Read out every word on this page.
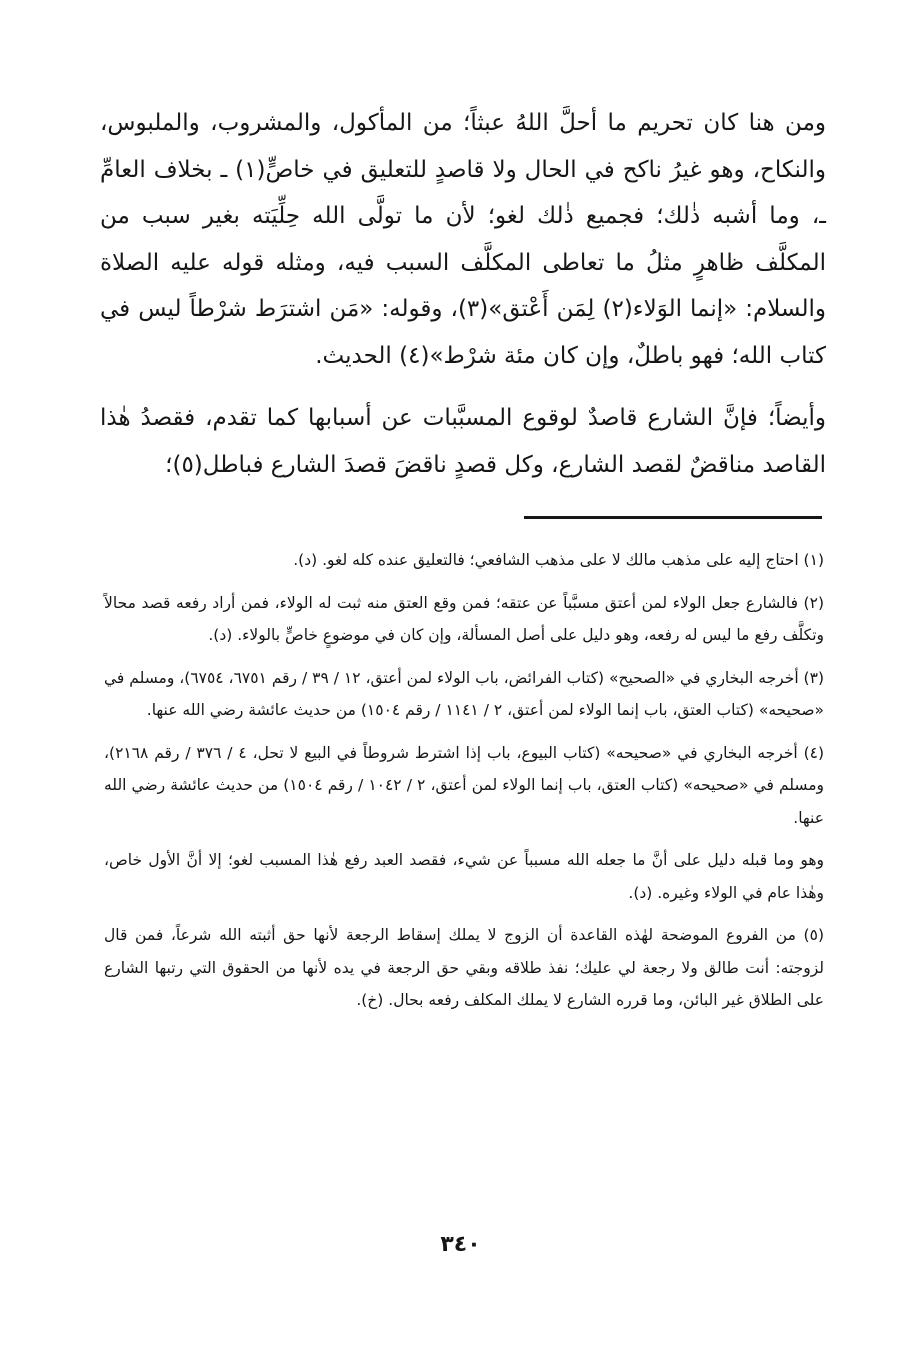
ومن هنا كان تحريم ما أحلَّ اللهُ عبثاً؛ من المأكول، والمشروب، والملبوس، والنكاح، وهو غيرُ ناكح في الحال ولا قاصدٍ للتعليق في خاصٍّ(١) ـ بخلاف العامِّ ـ، وما أشبه ذٰلك؛ فجميع ذٰلك لغو؛ لأن ما تولَّى الله حِلِّيَته بغير سبب من المكلَّف ظاهرٍ مثلُ ما تعاطى المكلَّف السبب فيه، ومثله قوله عليه الصلاة والسلام: «إنما الوَلاء(٢) لِمَن أَعْتق»(٣)، وقوله: «مَن اشترَط شرْطاً ليس في كتاب الله؛ فهو باطلٌ، وإن كان مئة شرْط»(٤) الحديث.

وأيضاً؛ فإنَّ الشارع قاصدٌ لوقوع المسبَّبات عن أسبابها كما تقدم، فقصدُ هٰذا القاصد مناقضٌ لقصد الشارع، وكل قصدٍ ناقضَ قصدَ الشارع فباطل(٥)؛

(١) احتاج إليه على مذهب مالك لا على مذهب الشافعي؛ فالتعليق عنده كله لغو. (د).

(٢) فالشارع جعل الولاء لمن أعتق مسبَّباً عن عتقه؛ فمن وقع العتق منه ثبت له الولاء، فمن أراد رفعه قصد محالاً وتكلَّف رفع ما ليس له رفعه، وهو دليل على أصل المسألة، وإن كان في موضوعٍ خاصٍّ بالولاء. (د).

(٣) أخرجه البخاري في «الصحيح» (كتاب الفرائض، باب الولاء لمن أعتق، ١٢ / ٣٩ / رقم ٦٧٥١، ٦٧٥٤)، ومسلم في «صحيحه» (كتاب العتق، باب إنما الولاء لمن أعتق، ٢ / ١١٤١ / رقم ١٥٠٤) من حديث عائشة رضي الله عنها.

(٤) أخرجه البخاري في «صحيحه» (كتاب البيوع، باب إذا اشترط شروطاً في البيع لا تحل، ٤ / ٣٧٦ / رقم ٢١٦٨)، ومسلم في «صحيحه» (كتاب العتق، باب إنما الولاء لمن أعتق، ٢ / ١٠٤٢ / رقم ١٥٠٤) من حديث عائشة رضي الله عنها.

وهو وما قبله دليل على أنَّ ما جعله الله مسبباً عن شيء، فقصد العبد رفع هٰذا المسبب لغو؛ إلا أنَّ الأول خاص، وهٰذا عام في الولاء وغيره. (د).

(٥) من الفروع الموضحة لهٰذه القاعدة أن الزوج لا يملك إسقاط الرجعة لأنها حق أثبته الله شرعاً، فمن قال لزوجته: أنت طالق ولا رجعة لي عليك؛ نفذ طلاقه وبقي حق الرجعة في يده لأنها من الحقوق التي رتبها الشارع على الطلاق غير البائن، وما قرره الشارع لا يملك المكلف رفعه بحال. (خ).

٣٤٠
